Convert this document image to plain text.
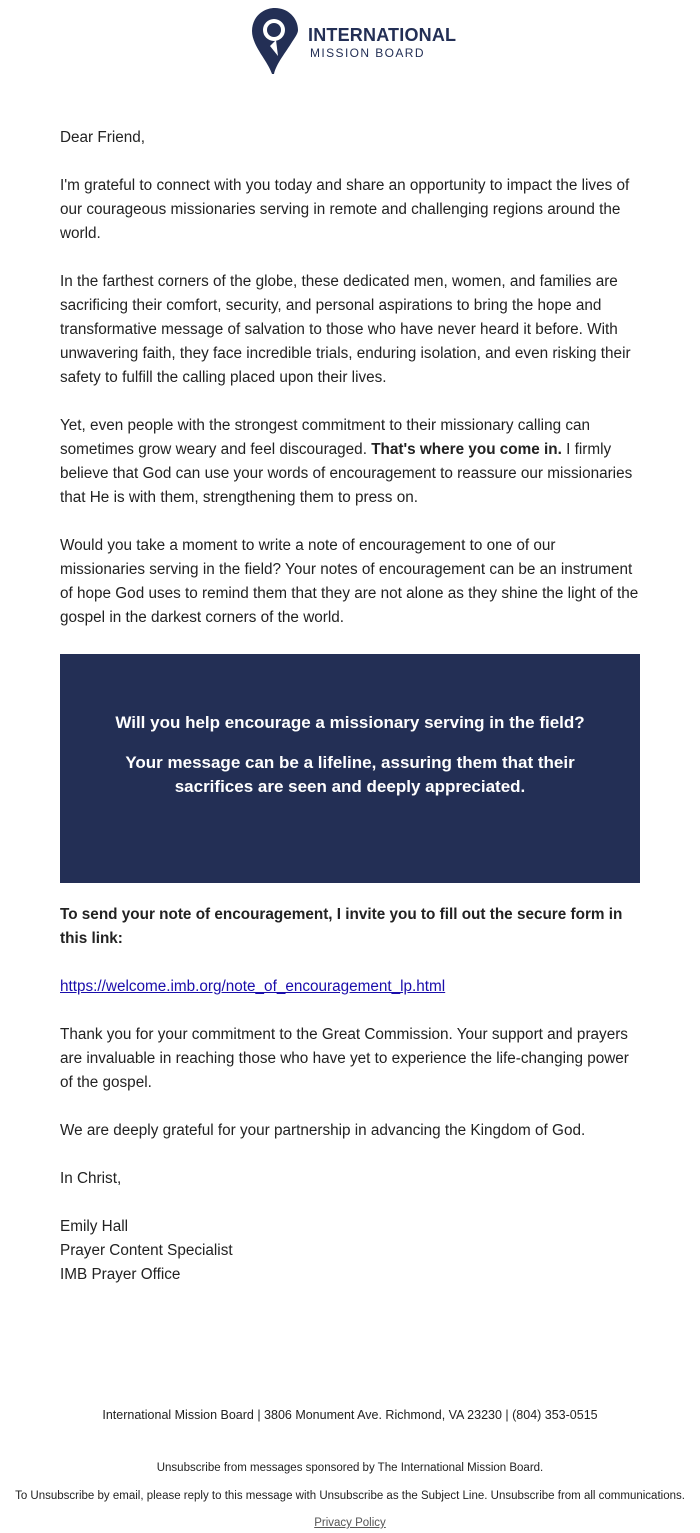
INTERNATIONAL
MISSION BOARD

Dear Friend,

I'm grateful to connect with you today and share an opportunity to impact the lives of our courageous missionaries serving in remote and challenging regions around the world.

In the farthest corners of the globe, these dedicated men, women, and families are sacrificing their comfort, security, and personal aspirations to bring the hope and transformative message of salvation to those who have never heard it before. With unwavering faith, they face incredible trials, enduring isolation, and even risking their safety to fulfill the calling placed upon their lives.

Yet, even people with the strongest commitment to their missionary calling can sometimes grow weary and feel discouraged. That's where you come in. I firmly believe that God can use your words of encouragement to reassure our missionaries that He is with them, strengthening them to press on.

Would you take a moment to write a note of encouragement to one of our missionaries serving in the field? Your notes of encouragement can be an instrument of hope God uses to remind them that they are not alone as they shine the light of the gospel in the darkest corners of the world.

Will you help encourage a missionary serving in the field?

Your message can be a lifeline, assuring them that their sacrifices are seen and deeply appreciated.

To send your note of encouragement, I invite you to fill out the secure form in this link:

https://welcome.imb.org/note_of_encouragement_lp.html

Thank you for your commitment to the Great Commission. Your support and prayers are invaluable in reaching those who have yet to experience the life-changing power of the gospel.

We are deeply grateful for your partnership in advancing the Kingdom of God.

In Christ,

Emily Hall
Prayer Content Specialist
IMB Prayer Office

International Mission Board | 3806 Monument Ave. Richmond, VA 23230 | (804) 353-0515
Unsubscribe from messages sponsored by The International Mission Board.
To Unsubscribe by email, please reply to this message with Unsubscribe as the Subject Line. Unsubscribe from all communications.
Privacy Policy
